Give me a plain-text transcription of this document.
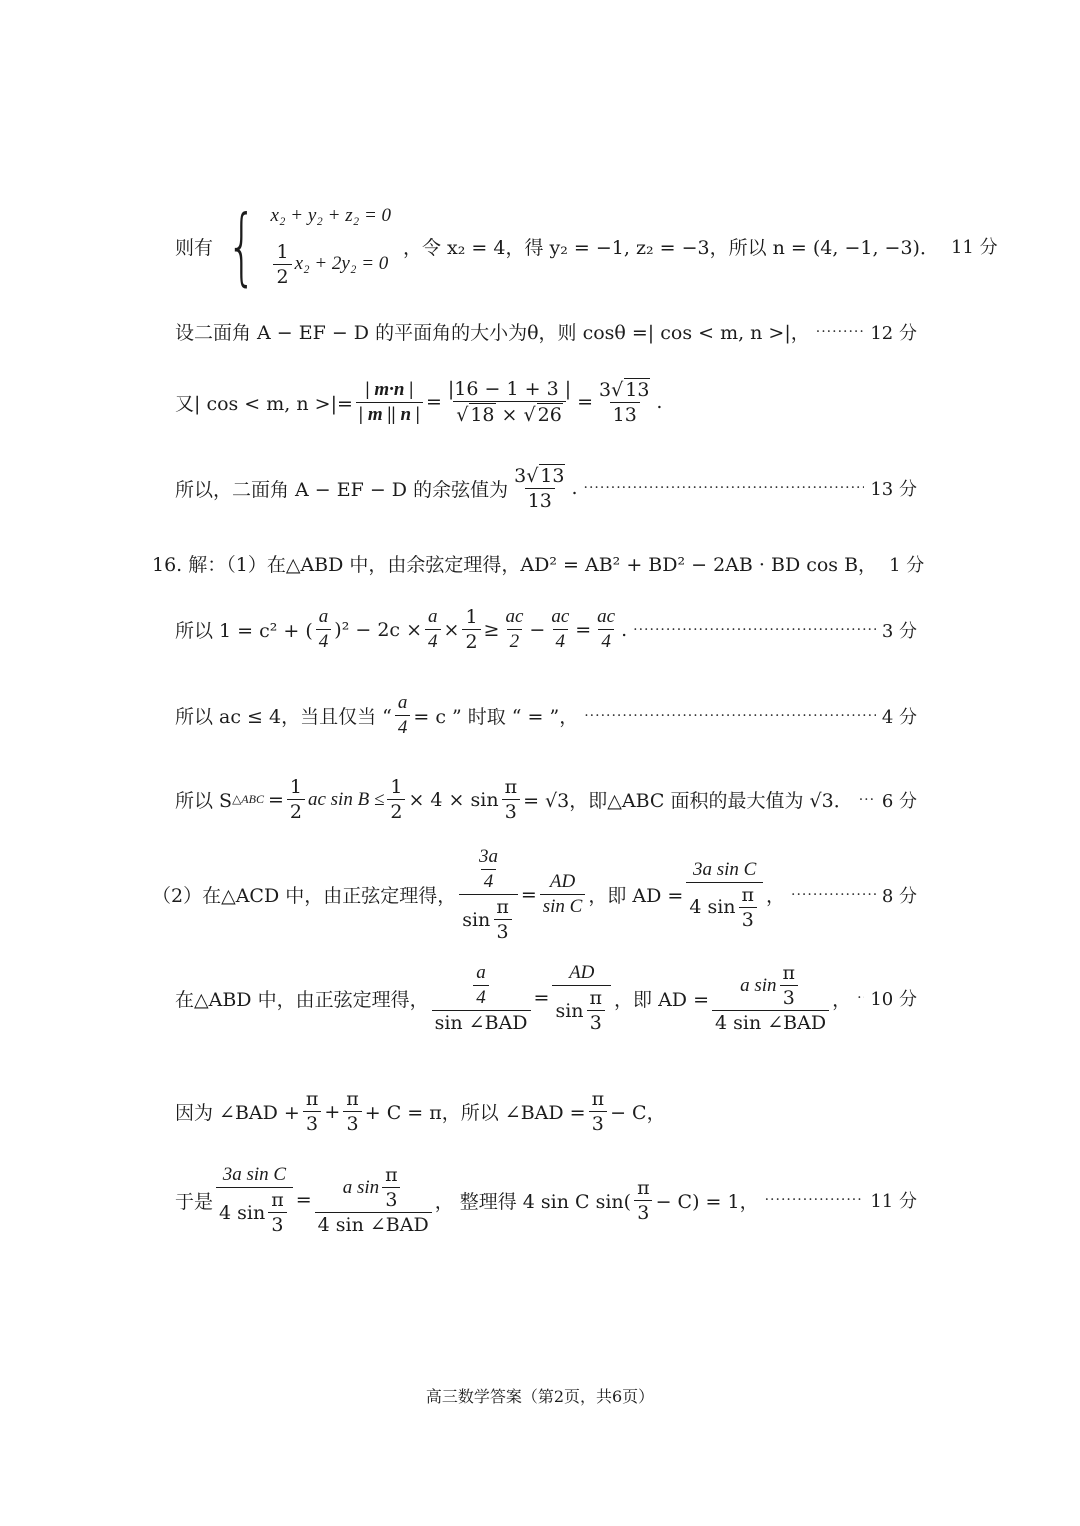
则有 { x₂ + y₂ + z₂ = 0
$\frac{1}{2} x_2 + 2y_2 = 0$
，令 x₂ = 4，得 y₂ = −1, z₂ = −3，所以 n = (4, −1, −3)． 11 分
设二面角 A − EF − D 的平面角的大小为θ，则 cosθ =| cos < m, n >|， ·····	12 分
又| cos < m, n >|= $\frac{| m\cdot n |}{| m || n |} = \frac{|16 - 1 + 3 |}{√ 18 \times √ 26} = \frac{3√ 13}{13}$ .
所以，二面角 A − EF − D 的余弦值为 $\frac{3√ 13}{13}$ . ·····	13 分
16. 解：（1）在△ABD 中，由余弦定理得，AD² = AB² + BD² − 2AB · BD cos B， 1 分
所以 1 = c² + ( $\frac{a}{4} )^2 - 2c \times \frac{a}{4} \times \frac{1}{2} \ge \frac{ac}{2} - \frac{ac}{4} = \frac{ac}{4}$ . ·····	3 分
所以 ac ≤ 4，当且仅当 “ $\frac{a}{4} = c$ ” 时取 “ = ”， ·····	4 分
所以 S △ABC = $\frac{1}{2}$ ac $\sin B \le \frac{1}{2} \times 4 \times \sin \frac{\pi}{3} = √3$，即△ABC 面积的最大值为 √3． ····· 6 分
（2）在△ACD 中，由正弦定理得， $\frac{\frac{3a}{4}}{\sin \frac{\pi}{3}} = \frac{AD}{\text{sin C}}$ ，即 AD = $\frac{\text{3a sin C}}{4 \sin \frac{\pi}{3}}$ ， ·····	8 分
在△ABD 中，由正弦定理得， $\frac{\frac{a}{4}}{\text{sin ∠BAD}} = \frac{AD}{\sin \frac{\pi}{3}}$ ，即 AD = $\frac{a \sin \frac{\pi}{3}}{\text{4 sin ∠BAD}}$ ， ····· 10 分
因为 ∠BAD + $\frac{\pi}{3} + \frac{\pi}{3} + C = \pi$，所以 ∠BAD = $\frac{\pi}{3} - C$，
于是 $\frac{\text{3a sin C}}{4 \sin \frac{\pi}{3}} = \frac{a \sin \frac{\pi}{3}}{\text{4 sin ∠BAD}}$ ， 整理得 4 sin C $\sin( \frac{\pi}{3} - C) = 1$， ·····	11 分
高三数学答案（第2页，共6页）
